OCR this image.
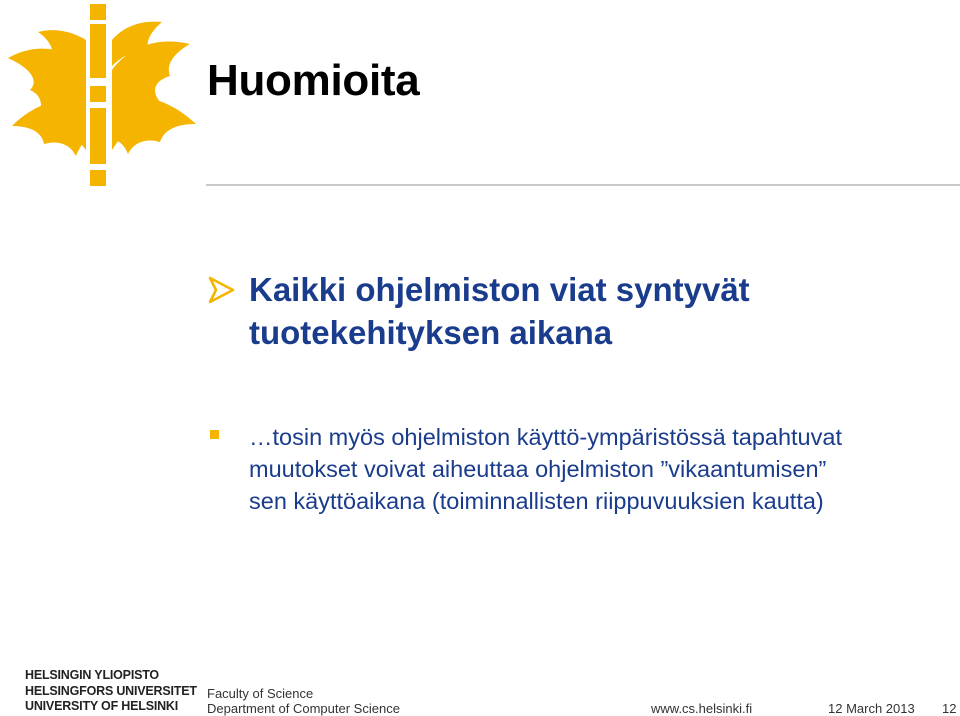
Huomioita
Kaikki ohjelmiston viat syntyvät tuotekehityksen aikana
…tosin myös ohjelmiston käyttö-ympäristössä tapahtuvat
muutokset voivat aiheuttaa ohjelmiston ”vikaantumisen”
sen käyttöaikana (toiminnallisten riippuvuuksien kautta)
HELSINGIN YLIOPISTO
HELSINGFORS UNIVERSITET
UNIVERSITY OF HELSINKI
Faculty of Science
Department of Computer Science	www.cs.helsinki.fi	12 March 2013 12
